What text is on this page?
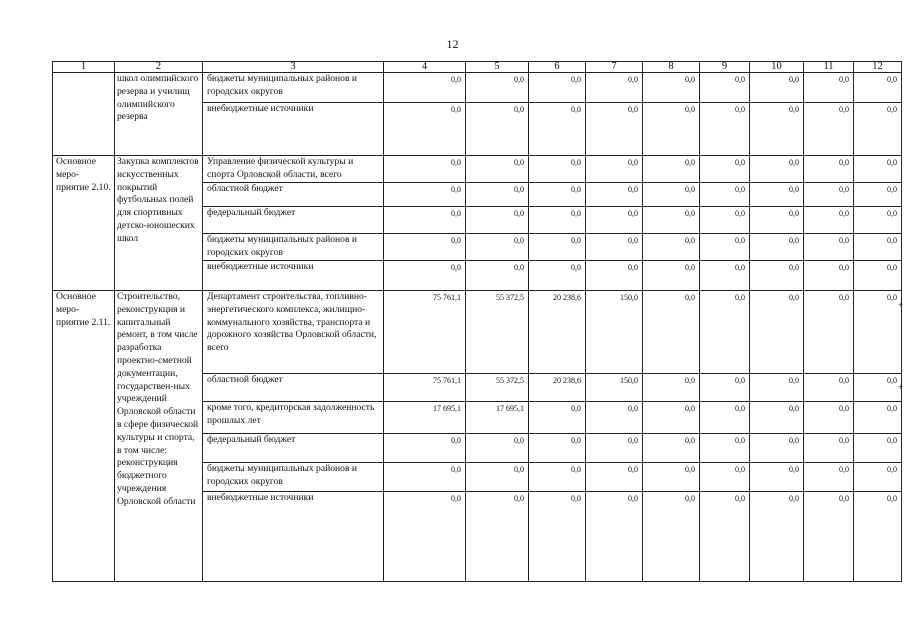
12
1	2	3	4	5	6	7	8	9	10	11	12
	школ олимпийского резерва и училищ олимпийского резерва	бюджеты муниципальных районов и городских округов	0,0	0,0	0,0	0,0	0,0	0,0	0,0	0,0	0,0

		внебюджетные источники	0,0	0,0	0,0	0,0	0,0	0,0	0,0	0,0	0,0

Основное меро-приятие 2.10.	Закупка комплектов искусственных покрытий футбольных полей для спортивных детско-юношеских школ	Управление физической культуры и спорта Орловской области, всего	0,0	0,0	0,0	0,0	0,0	0,0	0,0	0,0	0,0

		областной бюджет	0,0	0,0	0,0	0,0	0,0	0,0	0,0	0,0	0,0

		федеральный бюджет	0,0	0,0	0,0	0,0	0,0	0,0	0,0	0,0	0,0

		бюджеты муниципальных районов и городских округов	0,0	0,0	0,0	0,0	0,0	0,0	0,0	0,0	0,0

		внебюджетные источники	0,0	0,0	0,0	0,0	0,0	0,0	0,0	0,0	0,0

Основное меро-приятие 2.11.	Строительство, реконструкция и капитальный ремонт, в том числе разработка проектно-сметной документации, государствен-ных учреждений Орловской области в сфере физической культуры и спорта, в том числе: реконструкция бюджетного учреждения Орловской области	Департамент строительства, топливно-энергетического комплекса, жилищно-коммунального хозяйства, транспорта и дорожного хозяйства Орловской области, всего	75 761,1	55 372,5	20 238,6	150,0	0,0	0,0	0,0	0,0	0,0

		областной бюджет	75 761,1	55 372,5	20 238,6	150,0	0,0	0,0	0,0	0,0	0,0

		кроме того, кредиторская задолженность прошлых лет	17 695,1	17 695,1	0,0	0,0	0,0	0,0	0,0	0,0	0,0

		федеральный бюджет	0,0	0,0	0,0	0,0	0,0	0,0	0,0	0,0	0,0

		бюджеты муниципальных районов и городских округов	0,0	0,0	0,0	0,0	0,0	0,0	0,0	0,0	0,0

		внебюджетные источники	0,0	0,0	0,0	0,0	0,0	0,0	0,0	0,0	0,0
+
+
